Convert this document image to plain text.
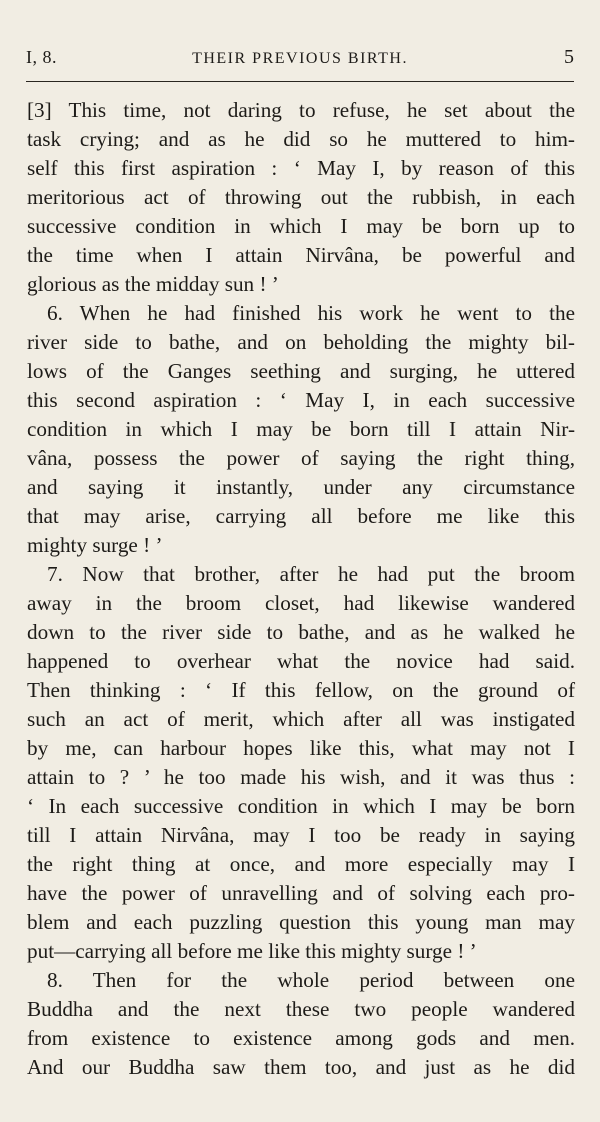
I, 8.	THEIR PREVIOUS BIRTH.	5
[3] This time, not daring to refuse, he set about the
task crying; and as he did so he muttered to him-
self this first aspiration : ‘ May I, by reason of this
meritorious act of throwing out the rubbish, in each
successive condition in which I may be born up to
the time when I attain Nirvâna, be powerful and
glorious as the midday sun ! ’
6. When he had finished his work he went to the
river side to bathe, and on beholding the mighty bil-
lows of the Ganges seething and surging, he uttered
this second aspiration : ‘ May I, in each successive
condition in which I may be born till I attain Nir-
vâna, possess the power of saying the right thing,
and saying it instantly, under any circumstance
that may arise, carrying all before me like this
mighty surge ! ’
7. Now that brother, after he had put the broom
away in the broom closet, had likewise wandered
down to the river side to bathe, and as he walked he
happened to overhear what the novice had said.
Then thinking : ‘ If this fellow, on the ground of
such an act of merit, which after all was instigated
by me, can harbour hopes like this, what may not I
attain to ? ’ he too made his wish, and it was thus :
‘ In each successive condition in which I may be born
till I attain Nirvâna, may I too be ready in saying
the right thing at once, and more especially may I
have the power of unravelling and of solving each pro-
blem and each puzzling question this young man may
put—carrying all before me like this mighty surge ! ’
8. Then for the whole period between one
Buddha and the next these two people wandered
from existence to existence among gods and men.
And our Buddha saw them too, and just as he did
